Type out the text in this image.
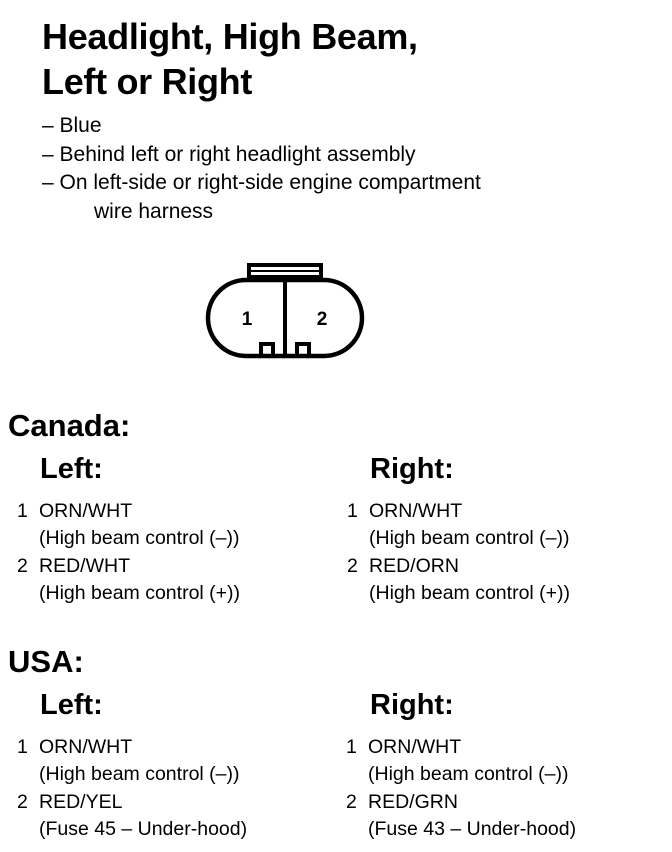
Headlight, High Beam,
Left or Right
– Blue
– Behind left or right headlight assembly
– On left-side or right-side engine compartment
wire harness
1	2
Canada:
Left:
1 ORN/WHT
(High beam control (–))
2 RED/WHT
(High beam control (+))
Right:
1 ORN/WHT
(High beam control (–))
2 RED/ORN
(High beam control (+))
USA:
Left:
1 ORN/WHT
(High beam control (–))
2 RED/YEL
(Fuse 45 – Under-hood)
Right:
1 ORN/WHT
(High beam control (–))
2 RED/GRN
(Fuse 43 – Under-hood)
